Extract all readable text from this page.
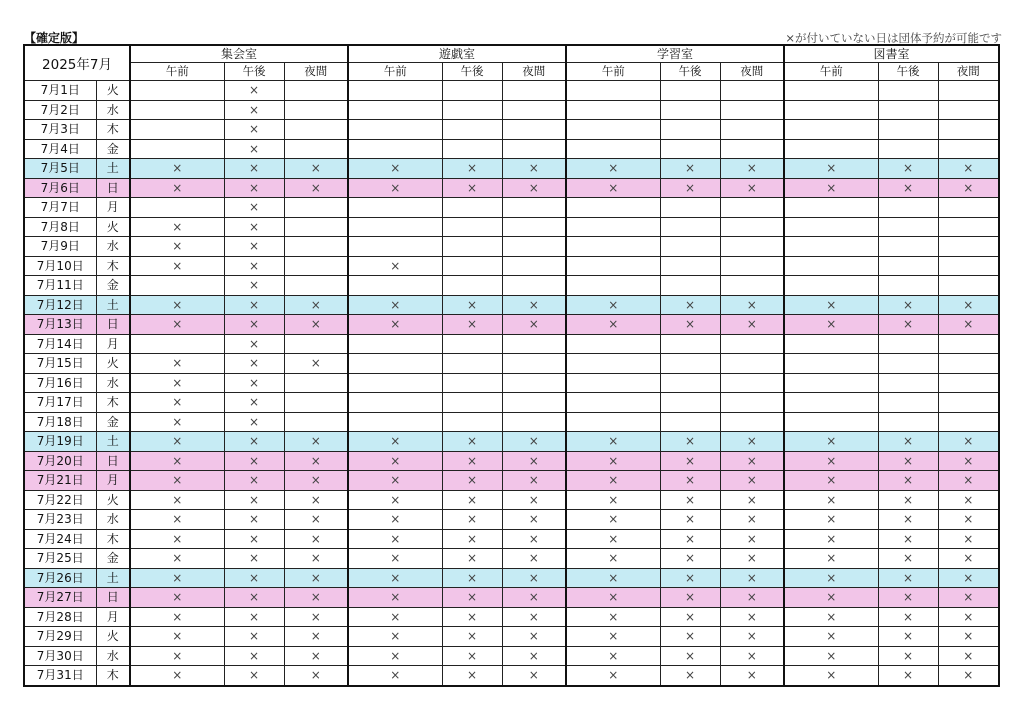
【確定版】	×が付いていない日は団体予約が可能です
2025年7月		集会室			遊戯室			学習室			図書室		
		午前	午後	夜間	午前	午後	夜間	午前	午後	夜間	午前	午後	夜間
7月1日	火		×										
7月2日	水		×										
7月3日	木		×										
7月4日	金		×										
7月5日	土	×	×	×	×	×	×	×	×	×	×	×	×
7月6日	日	×	×	×	×	×	×	×	×	×	×	×	×
7月7日	月		×										
7月8日	火	×	×										
7月9日	水	×	×										
7月10日	木	×	×		×								
7月11日	金		×										
7月12日	土	×	×	×	×	×	×	×	×	×	×	×	×
7月13日	日	×	×	×	×	×	×	×	×	×	×	×	×
7月14日	月		×										
7月15日	火	×	×	×									
7月16日	水	×	×										
7月17日	木	×	×										
7月18日	金	×	×										
7月19日	土	×	×	×	×	×	×	×	×	×	×	×	×
7月20日	日	×	×	×	×	×	×	×	×	×	×	×	×
7月21日	月	×	×	×	×	×	×	×	×	×	×	×	×
7月22日	火	×	×	×	×	×	×	×	×	×	×	×	×
7月23日	水	×	×	×	×	×	×	×	×	×	×	×	×
7月24日	木	×	×	×	×	×	×	×	×	×	×	×	×
7月25日	金	×	×	×	×	×	×	×	×	×	×	×	×
7月26日	土	×	×	×	×	×	×	×	×	×	×	×	×
7月27日	日	×	×	×	×	×	×	×	×	×	×	×	×
7月28日	月	×	×	×	×	×	×	×	×	×	×	×	×
7月29日	火	×	×	×	×	×	×	×	×	×	×	×	×
7月30日	水	×	×	×	×	×	×	×	×	×	×	×	×
7月31日	木	×	×	×	×	×	×	×	×	×	×	×	×
